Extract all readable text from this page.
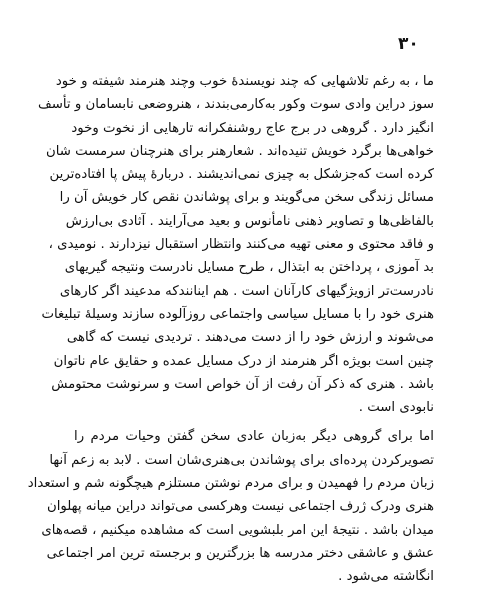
۳۰
ما ، به رغم تلاشهایی که چند نویسندهٔ خوب وچند هنرمند شیفته و خود
سوز دراین وادی سوت وکور به‌کارمی‌بندند ، هنروضعی نابسامان و تأسف
انگیز دارد . گروهی در برج عاج روشنفکرانه تارهایی از نخوت وخود
خواهی‌ها برگرد خویش تنیده‌اند . شعارهنر برای هنرچنان سرمست شان
کرده است که‌جزشکل به چیزی نمی‌اندیشند . دربارهٔ پیش پا افتاده‌ترین
مسائل زندگی سخن می‌گویند و برای پوشاندن نقص کار خویش آن را
با‌لفاظی‌ها و تصاویر ذهنی نامأنوس و بعید می‌آرایند . آثادی بی‌ارزش
و فاقد محتوی و معنی تهیه می‌کنند وانتظار استقبال نیزدارند . نومیدی ،
بد آموزی ، پرداختن به ابتذال ، طرح مسایل نادرست ونتیجه گیریهای
نادرست‌تر ازویژگیهای کارآنان است . هم اینانندکه مدعیند اگر کارهای
هنری خود را با مسایل سیاسی واجتماعی روزآلوده سازند وسیلهٔ تبلیغات
می‌شوند و ارزش خود را از دست می‌دهند . تردیدی نیست که گاهی
چنین است بویژه اگر هنرمند از درک مسایل عمده و حقایق عام ناتوان
باشد . هنری که ذکر آن رفت از آن خواص است و سرنوشت محتومش
نابودی است .
اما برای گروهی دیگر به‌زبان عادی سخن گفتن وحیات مردم را
تصویرکردن پرده‌ای برای پوشاندن بی‌هنری‌شان است . لابد به زعم آنها
زبان مردم را فهمیدن و برای مردم نوشتن مستلزم هیچگونه شم و استعداد
هنری ودرک ژرف اجتماعی نیست وهرکسی می‌تواند دراین میانه پهلوان
میدان باشد . نتیجهٔ این امر بلبشویی است که مشاهده میکنیم ، قصه‌های
عشق و عاشقی دختر مدرسه ها بزرگترین و برجسته ترین امر اجتماعی
انگاشته می‌شود .
